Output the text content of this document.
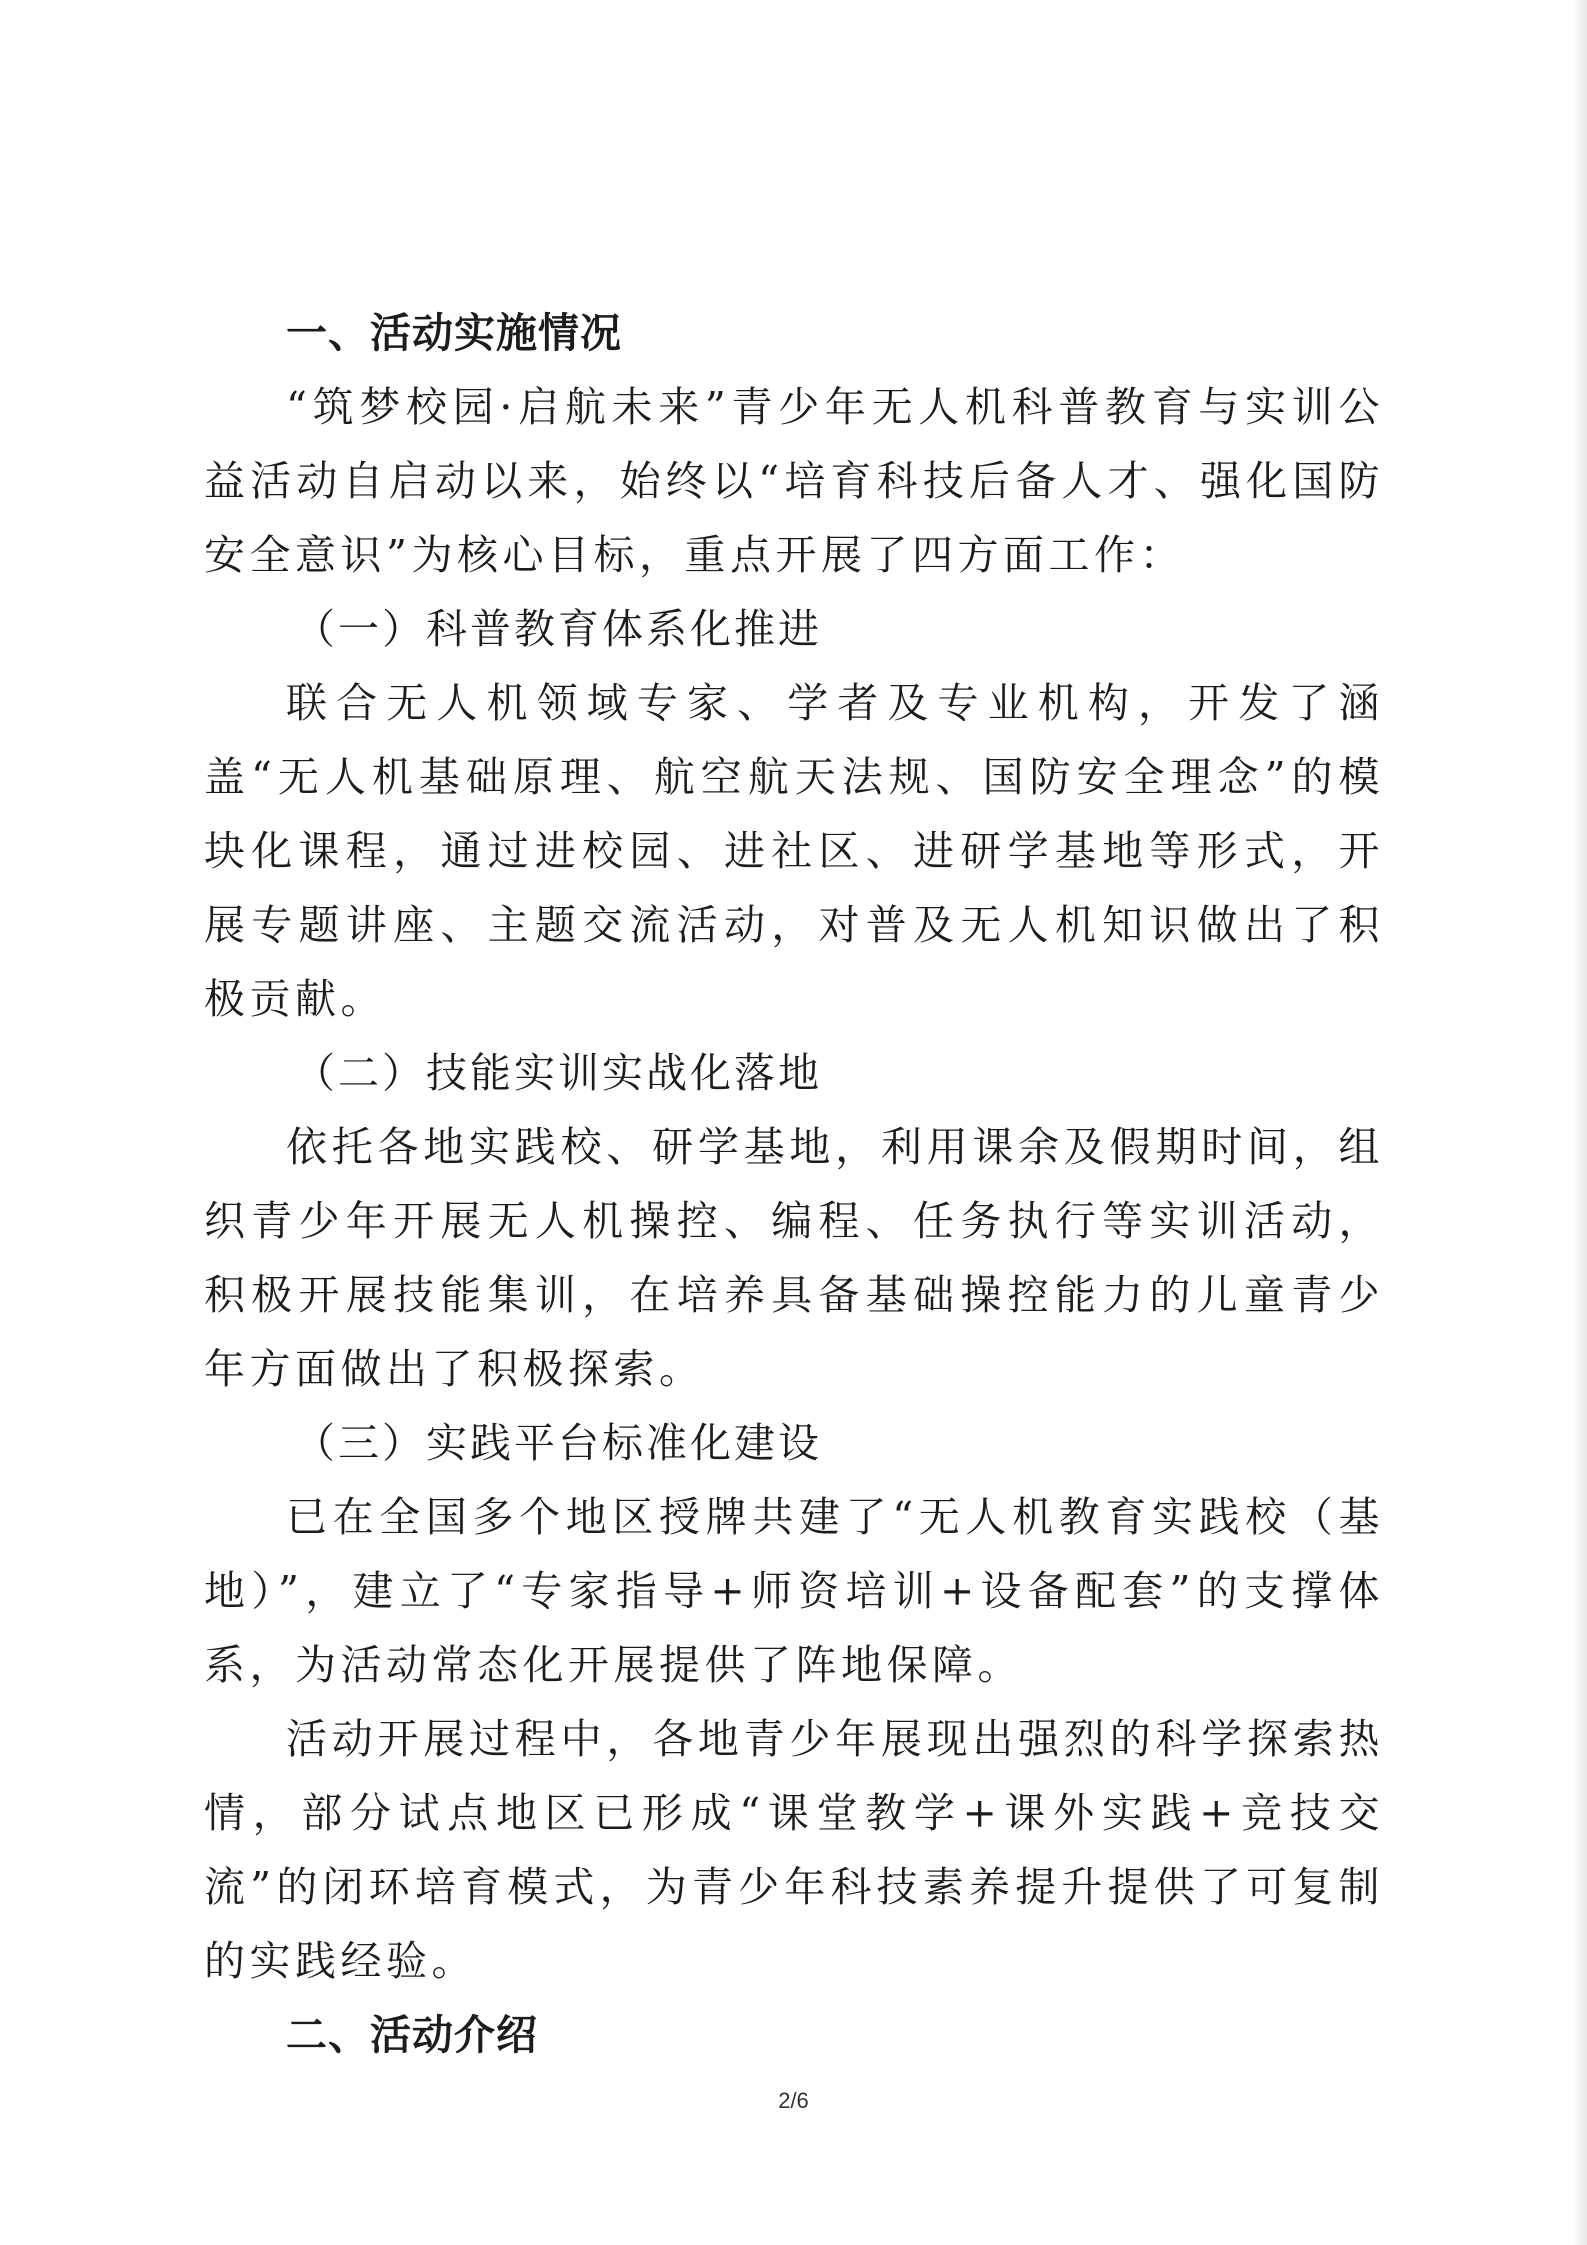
一、活动实施情况

“筑梦校园·启航未来”青少年无人机科普教育与实训公益活动自启动以来，始终以“培育科技后备人才、强化国防安全意识”为核心目标，重点开展了四方面工作：

（一）科普教育体系化推进

联合无人机领域专家、学者及专业机构，开发了涵盖“无人机基础原理、航空航天法规、国防安全理念”的模块化课程，通过进校园、进社区、进研学基地等形式，开展专题讲座、主题交流活动，对普及无人机知识做出了积极贡献。

（二）技能实训实战化落地

依托各地实践校、研学基地，利用课余及假期时间，组织青少年开展无人机操控、编程、任务执行等实训活动，积极开展技能集训，在培养具备基础操控能力的儿童青少年方面做出了积极探索。

（三）实践平台标准化建设

已在全国多个地区授牌共建了“无人机教育实践校（基地）”，建立了“专家指导+师资培训+设备配套”的支撑体系，为活动常态化开展提供了阵地保障。

活动开展过程中，各地青少年展现出强烈的科学探索热情，部分试点地区已形成“课堂教学+课外实践+竞技交流”的闭环培育模式，为青少年科技素养提升提供了可复制的实践经验。

二、活动介绍
2/6
